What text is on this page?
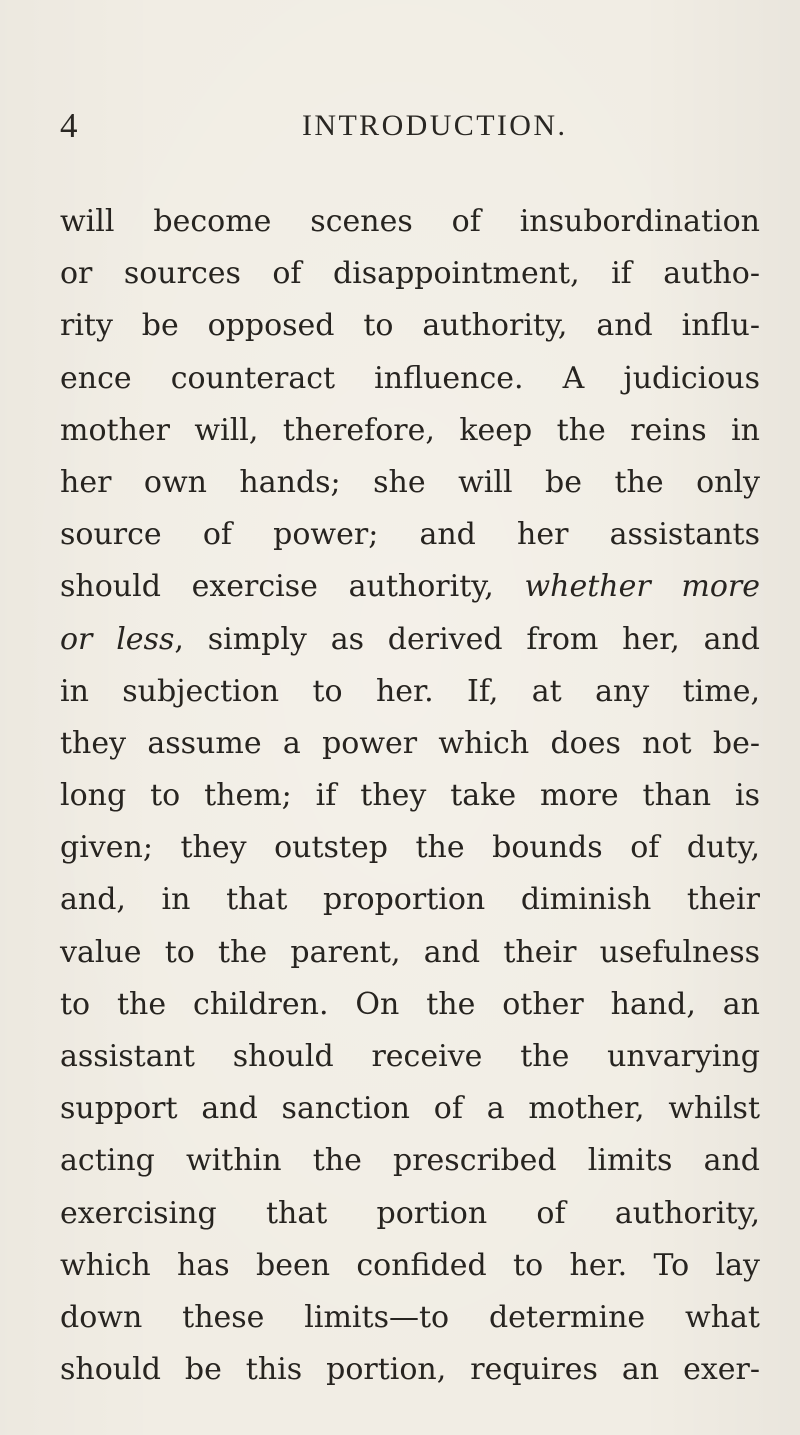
4	INTRODUCTION.
will become scenes of insubordination
or sources of disappointment, if autho-
rity be opposed to authority, and influ-
ence counteract influence. A judicious
mother will, therefore, keep the reins in
her own hands; she will be the only
source of power; and her assistants
should exercise authority, whether more
or less, simply as derived from her, and
in subjection to her. If, at any time,
they assume a power which does not be-
long to them; if they take more than is
given; they outstep the bounds of duty,
and, in that proportion diminish their
value to the parent, and their usefulness
to the children. On the other hand, an
assistant should receive the unvarying
support and sanction of a mother, whilst
acting within the prescribed limits and
exercising that portion of authority,
which has been confided to her. To lay
down these limits—to determine what
should be this portion, requires an exer-
